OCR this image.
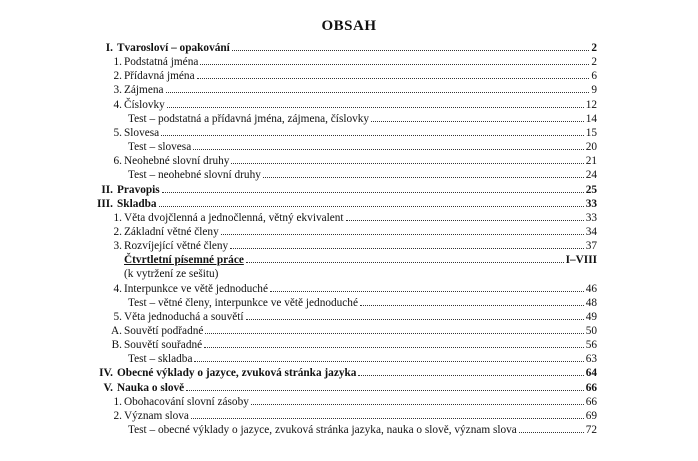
OBSAH
I. Tvarosloví – opakování	2
1. Podstatná jména	2
2. Přídavná jména	6
3. Zájmena	9
4. Číslovky	12
Test – podstatná a přídavná jména, zájmena, číslovky	14
5. Slovesa	15
Test – slovesa	20
6. Neohebné slovní druhy	21
Test – neohebné slovní druhy	24
II. Pravopis	25
III. Skladba	33
1. Věta dvojčlenná a jednočlenná, větný ekvivalent	33
2. Základní větné členy	34
3. Rozvíjející větné členy	37
Čtvrtletní písemné práce	I–VIII
(k vytržení ze sešitu)
4. Interpunkce ve větě jednoduché	46
Test – větné členy, interpunkce ve větě jednoduché	48
5. Věta jednoduchá a souvětí	49
A. Souvětí podřadné	50
B. Souvětí souřadné	56
Test – skladba	63
IV. Obecné výklady o jazyce, zvuková stránka jazyka	64
V. Nauka o slově	66
1. Obohacování slovní zásoby	66
2. Význam slova	69
Test – obecné výklady o jazyce, zvuková stránka jazyka, nauka o slově, význam slova	72
